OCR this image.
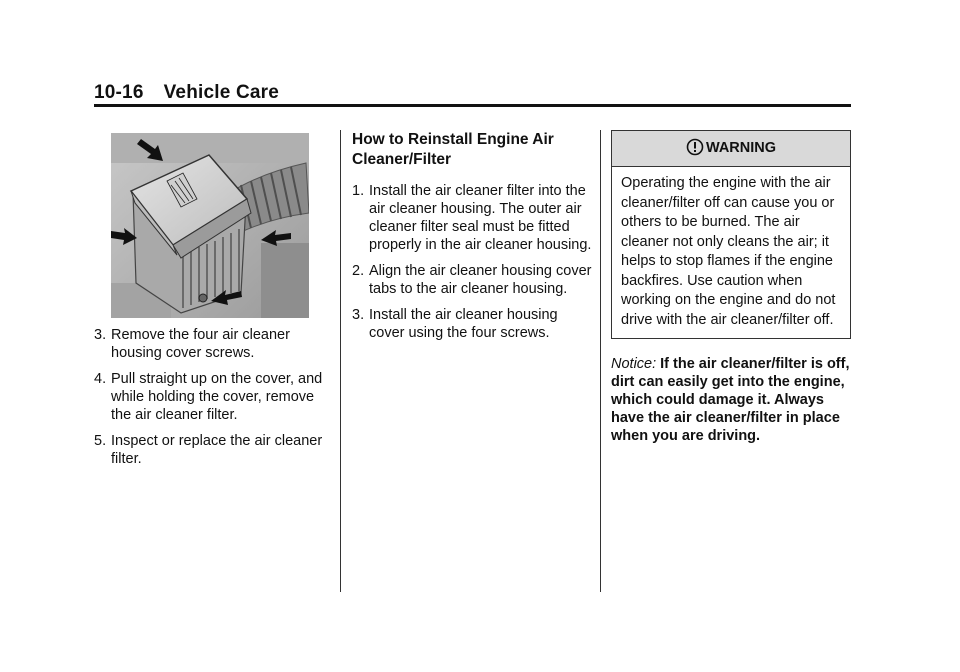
10-16 Vehicle Care
3. Remove the four air cleaner housing cover screws.
4. Pull straight up on the cover, and while holding the cover, remove the air cleaner filter.
5. Inspect or replace the air cleaner filter.
How to Reinstall Engine Air Cleaner/Filter
1. Install the air cleaner filter into the air cleaner housing. The outer air cleaner filter seal must be fitted properly in the air cleaner housing.
2. Align the air cleaner housing cover tabs to the air cleaner housing.
3. Install the air cleaner housing cover using the four screws.
WARNING
Operating the engine with the air cleaner/filter off can cause you or others to be burned. The air cleaner not only cleans the air; it helps to stop flames if the engine backfires. Use caution when working on the engine and do not drive with the air cleaner/filter off.

Notice: If the air cleaner/filter is off, dirt can easily get into the engine, which could damage it. Always have the air cleaner/filter in place when you are driving.
